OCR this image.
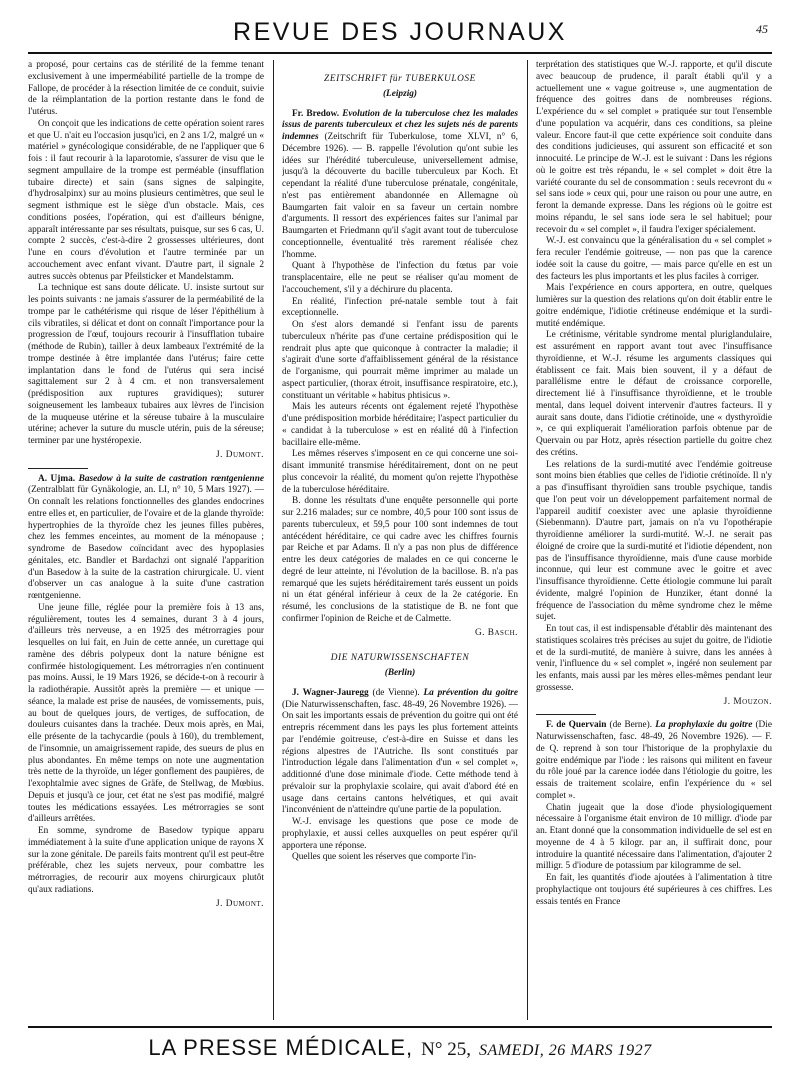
REVUE DES JOURNAUX	45

a proposé, pour certains cas de stérilité de la femme tenant exclusivement à une imperméabilité partielle de la trompe de Fallope, de procéder à la résection limitée de ce conduit, suivie de la réimplantation de la portion restante dans le fond de l'utérus.

On conçoit que les indications de cette opération soient rares et que U. n'ait eu l'occasion jusqu'ici, en 2 ans 1/2, malgré un « matériel » gynécologique considérable, de ne l'appliquer que 6 fois : il faut recourir à la laparotomie, s'assurer de visu que le segment ampullaire de la trompe est perméable (insufflation tubaire directe) et sain (sans signes de salpingite, d'hydrosalpinx) sur au moins plusieurs centimètres, que seul le segment isthmique est le siège d'un obstacle. Mais, ces conditions posées, l'opération, qui est d'ailleurs bénigne, apparaît intéressante par ses résultats, puisque, sur ses 6 cas, U. compte 2 succès, c'est-à-dire 2 grossesses ultérieures, dont l'une en cours d'évolution et l'autre terminée par un accouchement avec enfant vivant. D'autre part, il signale 2 autres succès obtenus par Pfeilsticker et Mandelstamm.

La technique est sans doute délicate. U. insiste surtout sur les points suivants : ne jamais s'assurer de la perméabilité de la trompe par le cathétérisme qui risque de léser l'épithélium à cils vibratiles, si délicat et dont on connaît l'importance pour la progression de l'œuf, toujours recourir à l'insufflation tubaire (méthode de Rubin), tailler à deux lambeaux l'extrémité de la trompe destinée à être implantée dans l'utérus; faire cette implantation dans le fond de l'utérus qui sera incisé sagittalement sur 2 à 4 cm. et non transversalement (prédisposition aux ruptures gravidiques); suturer soigneusement les lambeaux tubaires aux lèvres de l'incision de la muqueuse utérine et la séreuse tubaire à la musculaire utérine; achever la suture du muscle utérin, puis de la séreuse; terminer par une hystéropexie.

J. Dumont.

A. Ujma. Basedow à la suite de castration rœntgenienne (Zentralblatt für Gynäkologie, an. LI, n° 10, 5 Mars 1927). — On connaît les relations fonctionnelles des glandes endocrines entre elles et, en particulier, de l'ovaire et de la glande thyroïde: hypertrophies de la thyroïde chez les jeunes filles pubères, chez les femmes enceintes, au moment de la ménopause ; syndrome de Basedow coïncidant avec des hypoplasies génitales, etc. Bandler et Bardachzi ont signalé l'apparition d'un Basedow à la suite de la castration chirurgicale. U. vient d'observer un cas analogue à la suite d'une castration rœntgenienne.

Une jeune fille, réglée pour la première fois à 13 ans, régulièrement, toutes les 4 semaines, durant 3 à 4 jours, d'ailleurs très nerveuse, a en 1925 des métrorragies pour lesquelles on lui fait, en Juin de cette année, un curettage qui ramène des débris polypeux dont la nature bénigne est confirmée histologiquement. Les métrorragies n'en continuent pas moins. Aussi, le 19 Mars 1926, se décide-t-on à recourir à la radiothérapie. Aussitôt après la première — et unique — séance, la malade est prise de nausées, de vomissements, puis, au bout de quelques jours, de vertiges, de suffocation, de douleurs cuisantes dans la trachée. Deux mois après, en Mai, elle présente de la tachycardie (pouls à 160), du tremblement, de l'insomnie, un amaigrissement rapide, des sueurs de plus en plus abondantes. En même temps on note une augmentation très nette de la thyroïde, un léger gonflement des paupières, de l'exophtalmie avec signes de Gräfe, de Stellwag, de Mœbius. Depuis et jusqu'à ce jour, cet état ne s'est pas modifié, malgré toutes les médications essayées. Les métrorragies se sont d'ailleurs arrêtées.

En somme, syndrome de Basedow typique apparu immédiatement à la suite d'une application unique de rayons X sur la zone génitale. De pareils faits montrent qu'il est peut-être préférable, chez les sujets nerveux, pour combattre les métrorragies, de recourir aux moyens chirurgicaux plutôt qu'aux radiations.

J. Dumont.

ZEITSCHRIFT für TUBERKULOSE

(Leipzig)

Fr. Bredow. Evolution de la tuberculose chez les malades issus de parents tuberculeux et chez les sujets nés de parents indemnes (Zeitschrift für Tuberkulose, tome XLVI, n° 6, Décembre 1926). — B. rappelle l'évolution qu'ont subie les idées sur l'hérédité tuberculeuse, universellement admise, jusqu'à la découverte du bacille tuberculeux par Koch. Et cependant la réalité d'une tuberculose prénatale, congénitale, n'est pas entièrement abandonnée en Allemagne où Baumgarten fait valoir en sa faveur un certain nombre d'arguments. Il ressort des expériences faites sur l'animal par Baumgarten et Friedmann qu'il s'agit avant tout de tuberculose conceptionnelle, éventualité très rarement réalisée chez l'homme.

Quant à l'hypothèse de l'infection du fœtus par voie transplacentaire, elle ne peut se réaliser qu'au moment de l'accouchement, s'il y a déchirure du placenta.

En réalité, l'infection pré-natale semble tout à fait exceptionnelle.

On s'est alors demandé si l'enfant issu de parents tuberculeux n'hérite pas d'une certaine prédisposition qui le rendrait plus apte que quiconque à contracter la maladie; il s'agirait d'une sorte d'affaiblissement général de la résistance de l'organisme, qui pourrait même imprimer au malade un aspect particulier, (thorax étroit, insuffisance respiratoire, etc.), constituant un véritable « habitus phtisicus ».

Mais les auteurs récents ont également rejeté l'hypothèse d'une prédisposition morbide héréditaire; l'aspect particulier du « candidat à la tuberculose » est en réalité dû à l'infection bacillaire elle-même.

Les mêmes réserves s'imposent en ce qui concerne une soi-disant immunité transmise héréditairement, dont on ne peut plus concevoir la réalité, du moment qu'on rejette l'hypothèse de la tuberculose héréditaire.

B. donne les résultats d'une enquête personnelle qui porte sur 2.216 malades; sur ce nombre, 40,5 pour 100 sont issus de parents tuberculeux, et 59,5 pour 100 sont indemnes de tout antécédent héréditaire, ce qui cadre avec les chiffres fournis par Reiche et par Adams. Il n'y a pas non plus de différence entre les deux catégories de malades en ce qui concerne le degré de leur atteinte, ni l'évolution de la bacillose. B. n'a pas remarqué que les sujets héréditairement tarés eussent un poids ni un état général inférieur à ceux de la 2e catégorie. En résumé, les conclusions de la statistique de B. ne font que confirmer l'opinion de Reiche et de Calmette.

G. Basch.

DIE NATURWISSENSCHAFTEN

(Berlin)

J. Wagner-Jauregg (de Vienne). La prévention du goitre (Die Naturwissenschaften, fasc. 48-49, 26 Novembre 1926). — On sait les importants essais de prévention du goitre qui ont été entrepris récemment dans les pays les plus fortement atteints par l'endémie goitreuse, c'est-à-dire en Suisse et dans les régions alpestres de l'Autriche. Ils sont constitués par l'introduction légale dans l'alimentation d'un « sel complet », additionné d'une dose minimale d'iode. Cette méthode tend à prévaloir sur la prophylaxie scolaire, qui avait d'abord été en usage dans certains cantons helvétiques, et qui avait l'inconvénient de n'atteindre qu'une partie de la population.

W.-J. envisage les questions que pose ce mode de prophylaxie, et aussi celles auxquelles on peut espérer qu'il apportera une réponse.

Quelles que soient les réserves que comporte l'in-

terprétation des statistiques que W.-J. rapporte, et qu'il discute avec beaucoup de prudence, il paraît établi qu'il y a actuellement une « vague goitreuse », une augmentation de fréquence des goitres dans de nombreuses régions. L'expérience du « sel complet » pratiquée sur tout l'ensemble d'une population va acquérir, dans ces conditions, sa pleine valeur. Encore faut-il que cette expérience soit conduite dans des conditions judicieuses, qui assurent son efficacité et son innocuité. Le principe de W.-J. est le suivant : Dans les régions où le goitre est très répandu, le « sel complet » doit être la variété courante du sel de consommation : seuls recevront du « sel sans iode » ceux qui, pour une raison ou pour une autre, en feront la demande expresse. Dans les régions où le goitre est moins répandu, le sel sans iode sera le sel habituel; pour recevoir du « sel complet », il faudra l'exiger spécialement.

W.-J. est convaincu que la généralisation du « sel complet » fera reculer l'endémie goitreuse, — non pas que la carence iodée soit la cause du goitre, — mais parce qu'elle en est un des facteurs les plus importants et les plus faciles à corriger.

Mais l'expérience en cours apportera, en outre, quelques lumières sur la question des relations qu'on doit établir entre le goitre endémique, l'idiotie crétineuse endémique et la surdi-mutité endémique.

Le crétinisme, véritable syndrome mental pluriglandulaire, est assurément en rapport avant tout avec l'insuffisance thyroïdienne, et W.-J. résume les arguments classiques qui établissent ce fait. Mais bien souvent, il y a défaut de parallélisme entre le défaut de croissance corporelle, directement lié à l'insuffisance thyroïdienne, et le trouble mental, dans lequel doivent intervenir d'autres facteurs. Il y aurait sans doute, dans l'idiotie crétinoïde, une « dysthyroïdie », ce qui expliquerait l'amélioration parfois obtenue par de Quervain ou par Hotz, après résection partielle du goitre chez des crétins.

Les relations de la surdi-mutité avec l'endémie goitreuse sont moins bien établies que celles de l'idiotie crétinoïde. Il n'y a pas d'insuffisant thyroïdien sans trouble psychique, tandis que l'on peut voir un développement parfaitement normal de l'appareil auditif coexister avec une aplasie thyroïdienne (Siebenmann). D'autre part, jamais on n'a vu l'opothérapie thyroïdienne améliorer la surdi-mutité. W.-J. ne serait pas éloigné de croire que la surdi-mutité et l'idiotie dépendent, non pas de l'insuffisance thyroïdienne, mais d'une cause morbide inconnue, qui leur est commune avec le goitre et avec l'insuffisance thyroïdienne. Cette étiologie commune lui paraît évidente, malgré l'opinion de Hunziker, étant donné la fréquence de l'association du même syndrome chez le même sujet.

En tout cas, il est indispensable d'établir dès maintenant des statistiques scolaires très précises au sujet du goitre, de l'idiotie et de la surdi-mutité, de manière à suivre, dans les années à venir, l'influence du « sel complet », ingéré non seulement par les enfants, mais aussi par les mères elles-mêmes pendant leur grossesse.

J. Mouzon.

F. de Quervain (de Berne). La prophylaxie du goitre (Die Naturwissenschaften, fasc. 48-49, 26 Novembre 1926). — F. de Q. reprend à son tour l'historique de la prophylaxie du goitre endémique par l'iode : les raisons qui militent en faveur du rôle joué par la carence iodée dans l'étiologie du goitre, les essais de traitement scolaire, enfin l'expérience du « sel complet ».

Chatin jugeait que la dose d'iode physiologiquement nécessaire à l'organisme était environ de 10 milligr. d'iode par an. Etant donné que la consommation individuelle de sel est en moyenne de 4 à 5 kilogr. par an, il suffirait donc, pour introduire la quantité nécessaire dans l'alimentation, d'ajouter 2 milligr. 5 d'iodure de potassium par kilogramme de sel.

En fait, les quantités d'iode ajoutées à l'alimentation à titre prophylactique ont toujours été supérieures à ces chiffres. Les essais tentés en France

LA PRESSE MÉDICALE, N° 25, SAMEDI, 26 MARS 1927
